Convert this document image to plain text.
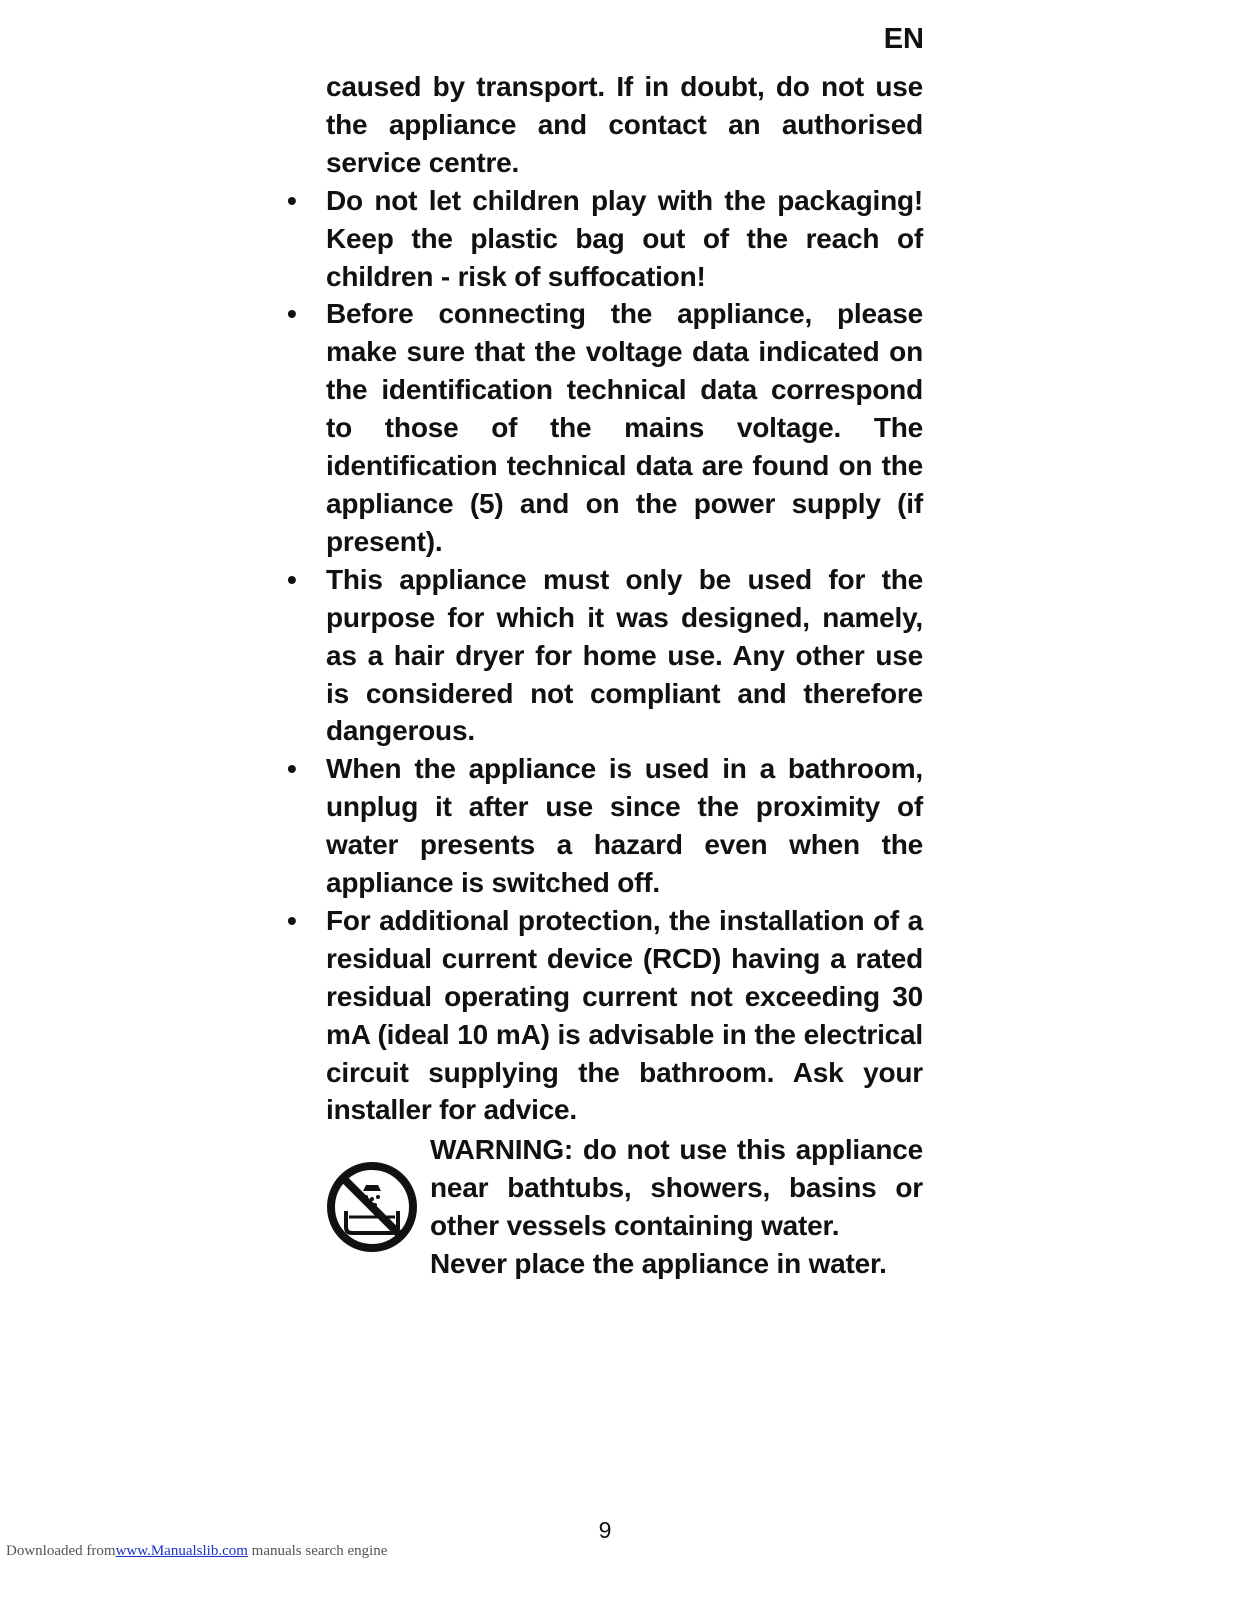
EN

caused by transport. If in doubt, do not use the appliance and contact an authorised service centre.

•	Do not let children play with the packaging! Keep the plastic bag out of the reach of children - risk of suffocation!
•	Before connecting the appliance, please make sure that the voltage data indicated on the identification technical data correspond to those of the mains voltage. The identification technical data are found on the appliance (5) and on the power supply (if present).
•	This appliance must only be used for the purpose for which it was designed, namely, as a hair dryer for home use. Any other use is considered not compliant and therefore dangerous.
•	When the appliance is used in a bathroom, unplug it after use since the proximity of water presents a hazard even when the appliance is switched off.
•	For additional protection, the installation of a residual current device (RCD) having a rated residual operating current not exceeding 30 mA (ideal 10 mA) is advisable in the electrical circuit supplying the bathroom. Ask your installer for advice.
WARNING: do not use this appliance near bathtubs, showers, basins or other vessels containing water.
Never place the appliance in water.
9
Downloaded fromwww.Manualslib.com manuals search engine
